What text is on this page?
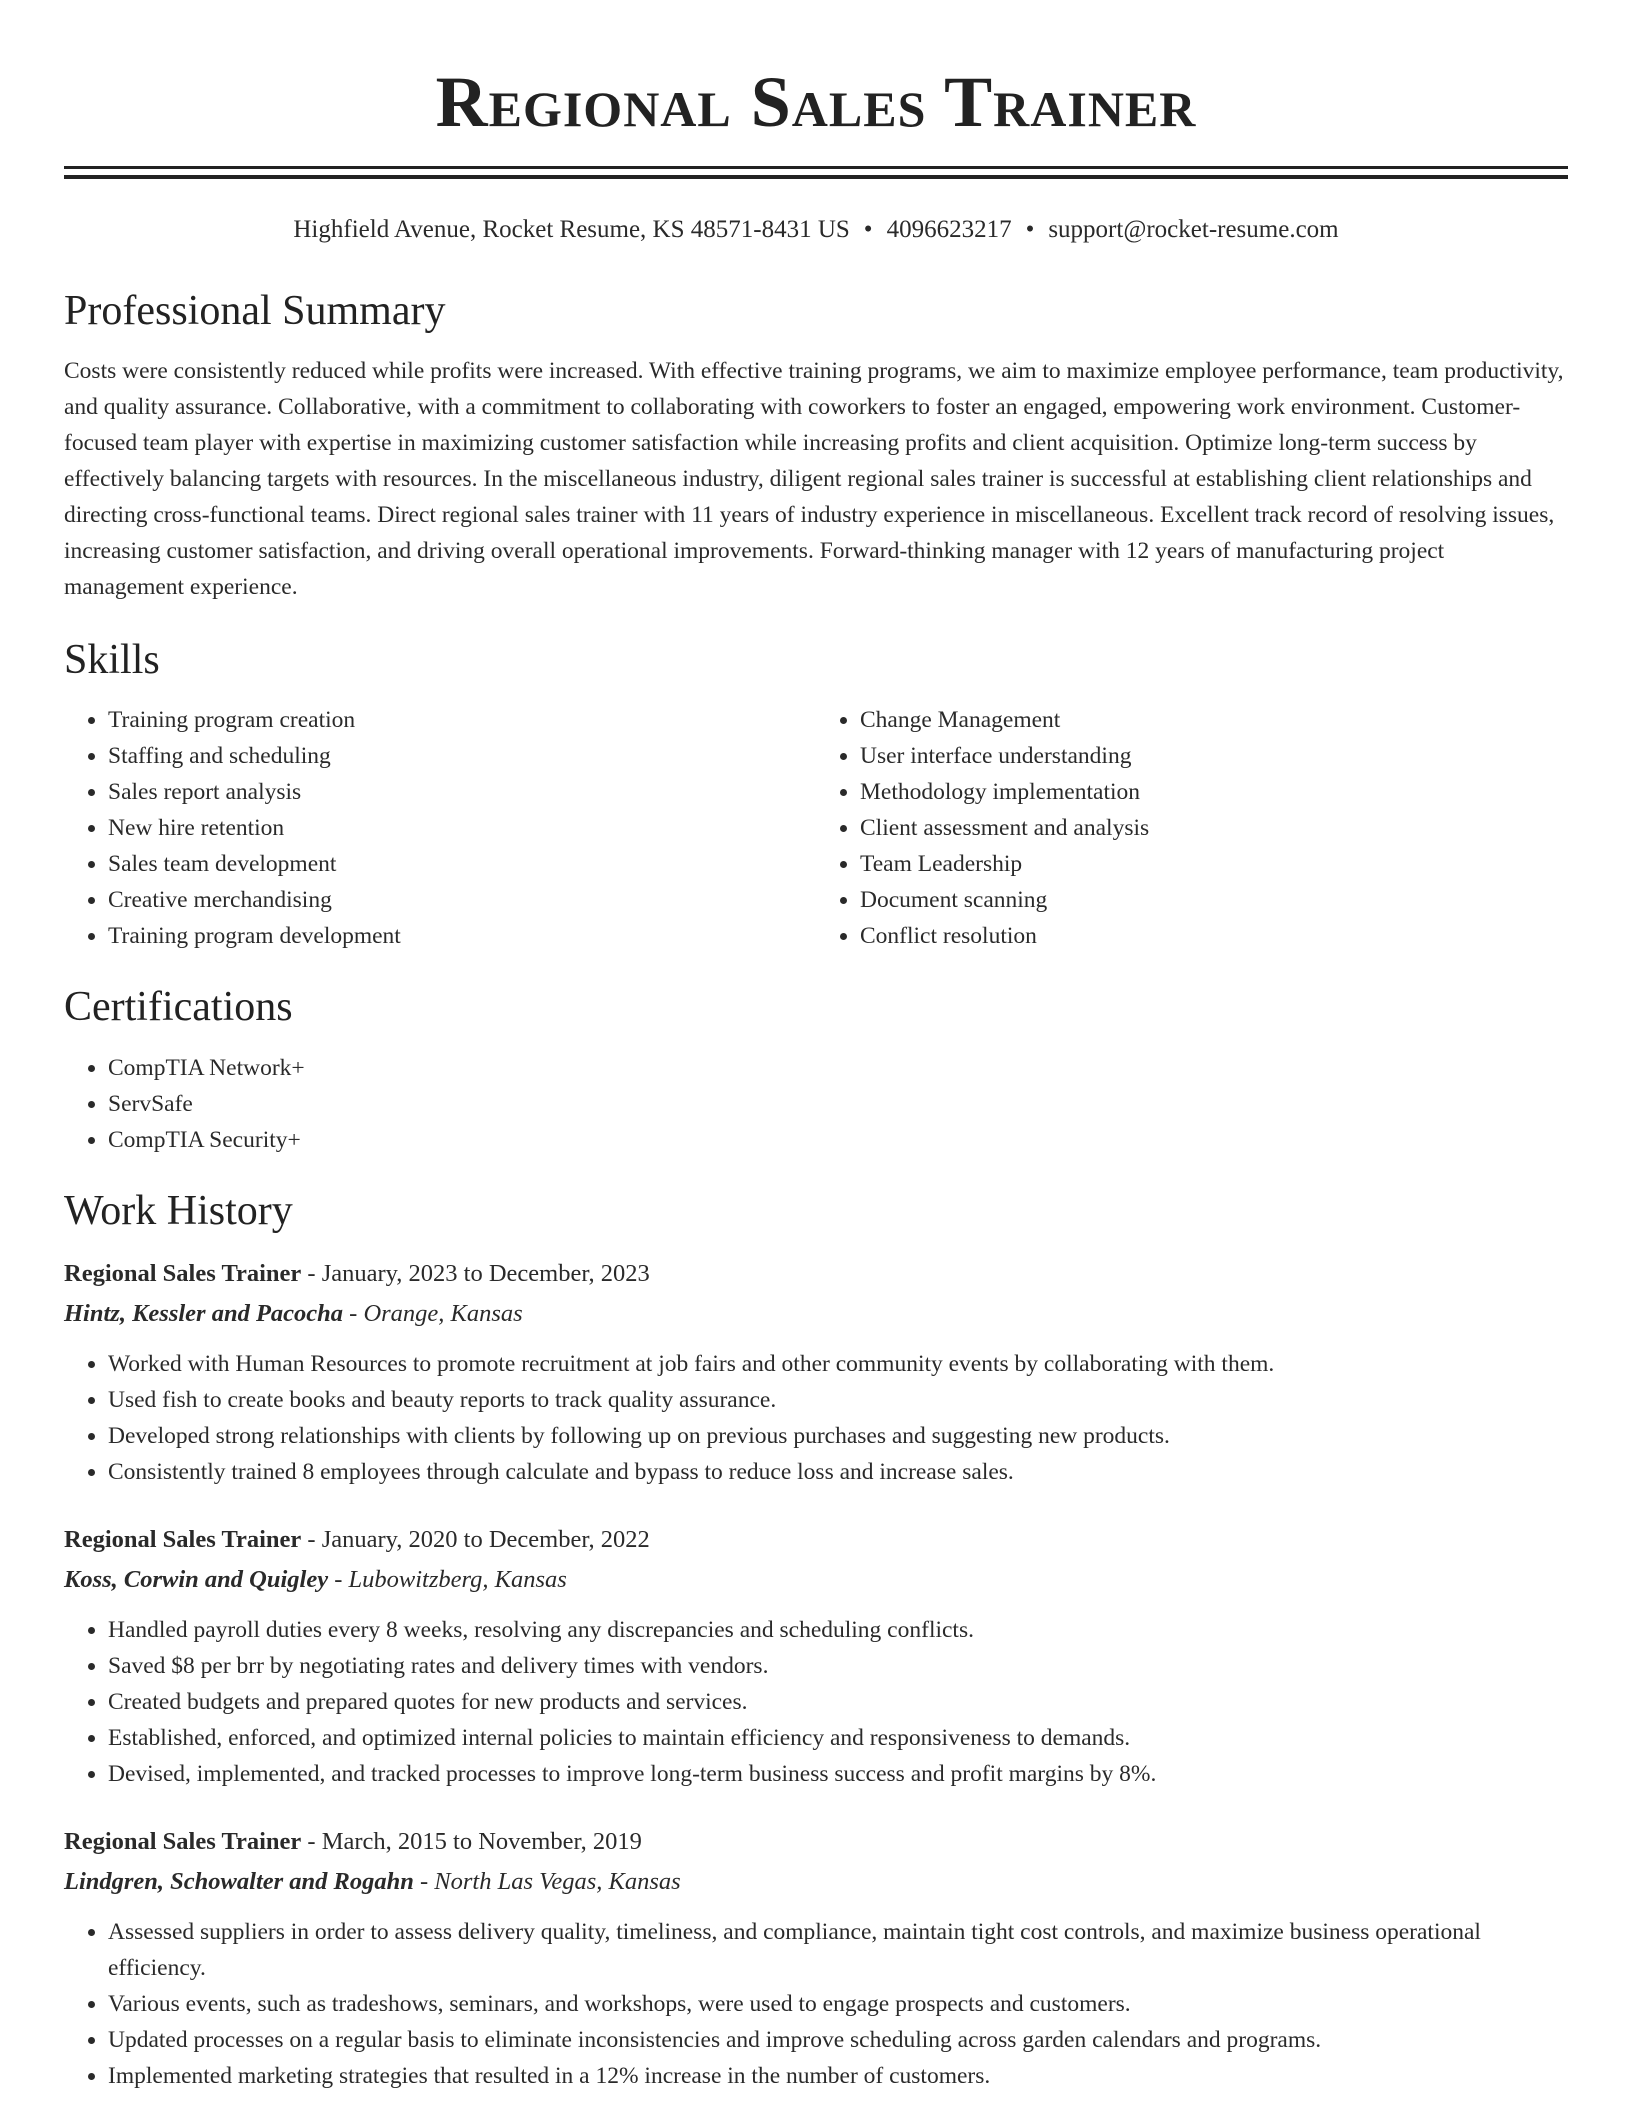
Regional Sales Trainer
Highfield Avenue, Rocket Resume, KS 48571-8431 US • 4096623217 • support@rocket-resume.com
Professional Summary

Costs were consistently reduced while profits were increased. With effective training programs, we aim to maximize employee performance, team productivity, and quality assurance. Collaborative, with a commitment to collaborating with coworkers to foster an engaged, empowering work environment. Customer-focused team player with expertise in maximizing customer satisfaction while increasing profits and client acquisition. Optimize long-term success by effectively balancing targets with resources. In the miscellaneous industry, diligent regional sales trainer is successful at establishing client relationships and directing cross-functional teams. Direct regional sales trainer with 11 years of industry experience in miscellaneous. Excellent track record of resolving issues, increasing customer satisfaction, and driving overall operational improvements. Forward-thinking manager with 12 years of manufacturing project management experience.

Skills
• Training program creation
• Staffing and scheduling
• Sales report analysis
• New hire retention
• Sales team development
• Creative merchandising
• Training program development
• Change Management
• User interface understanding
• Methodology implementation
• Client assessment and analysis
• Team Leadership
• Document scanning
• Conflict resolution
Certifications
• CompTIA Network+
• ServSafe
• CompTIA Security+
Work History
Regional Sales Trainer - January, 2023 to December, 2023
Hintz, Kessler and Pacocha - Orange, Kansas
• Worked with Human Resources to promote recruitment at job fairs and other community events by collaborating with them.
• Used fish to create books and beauty reports to track quality assurance.
• Developed strong relationships with clients by following up on previous purchases and suggesting new products.
• Consistently trained 8 employees through calculate and bypass to reduce loss and increase sales.
Regional Sales Trainer - January, 2020 to December, 2022
Koss, Corwin and Quigley - Lubowitzberg, Kansas
• Handled payroll duties every 8 weeks, resolving any discrepancies and scheduling conflicts.
• Saved $8 per brr by negotiating rates and delivery times with vendors.
• Created budgets and prepared quotes for new products and services.
• Established, enforced, and optimized internal policies to maintain efficiency and responsiveness to demands.
• Devised, implemented, and tracked processes to improve long-term business success and profit margins by 8%.
Regional Sales Trainer - March, 2015 to November, 2019
Lindgren, Schowalter and Rogahn - North Las Vegas, Kansas
• Assessed suppliers in order to assess delivery quality, timeliness, and compliance, maintain tight cost controls, and maximize business operational efficiency.
• Various events, such as tradeshows, seminars, and workshops, were used to engage prospects and customers.
• Updated processes on a regular basis to eliminate inconsistencies and improve scheduling across garden calendars and programs.
• Implemented marketing strategies that resulted in a 12% increase in the number of customers.
